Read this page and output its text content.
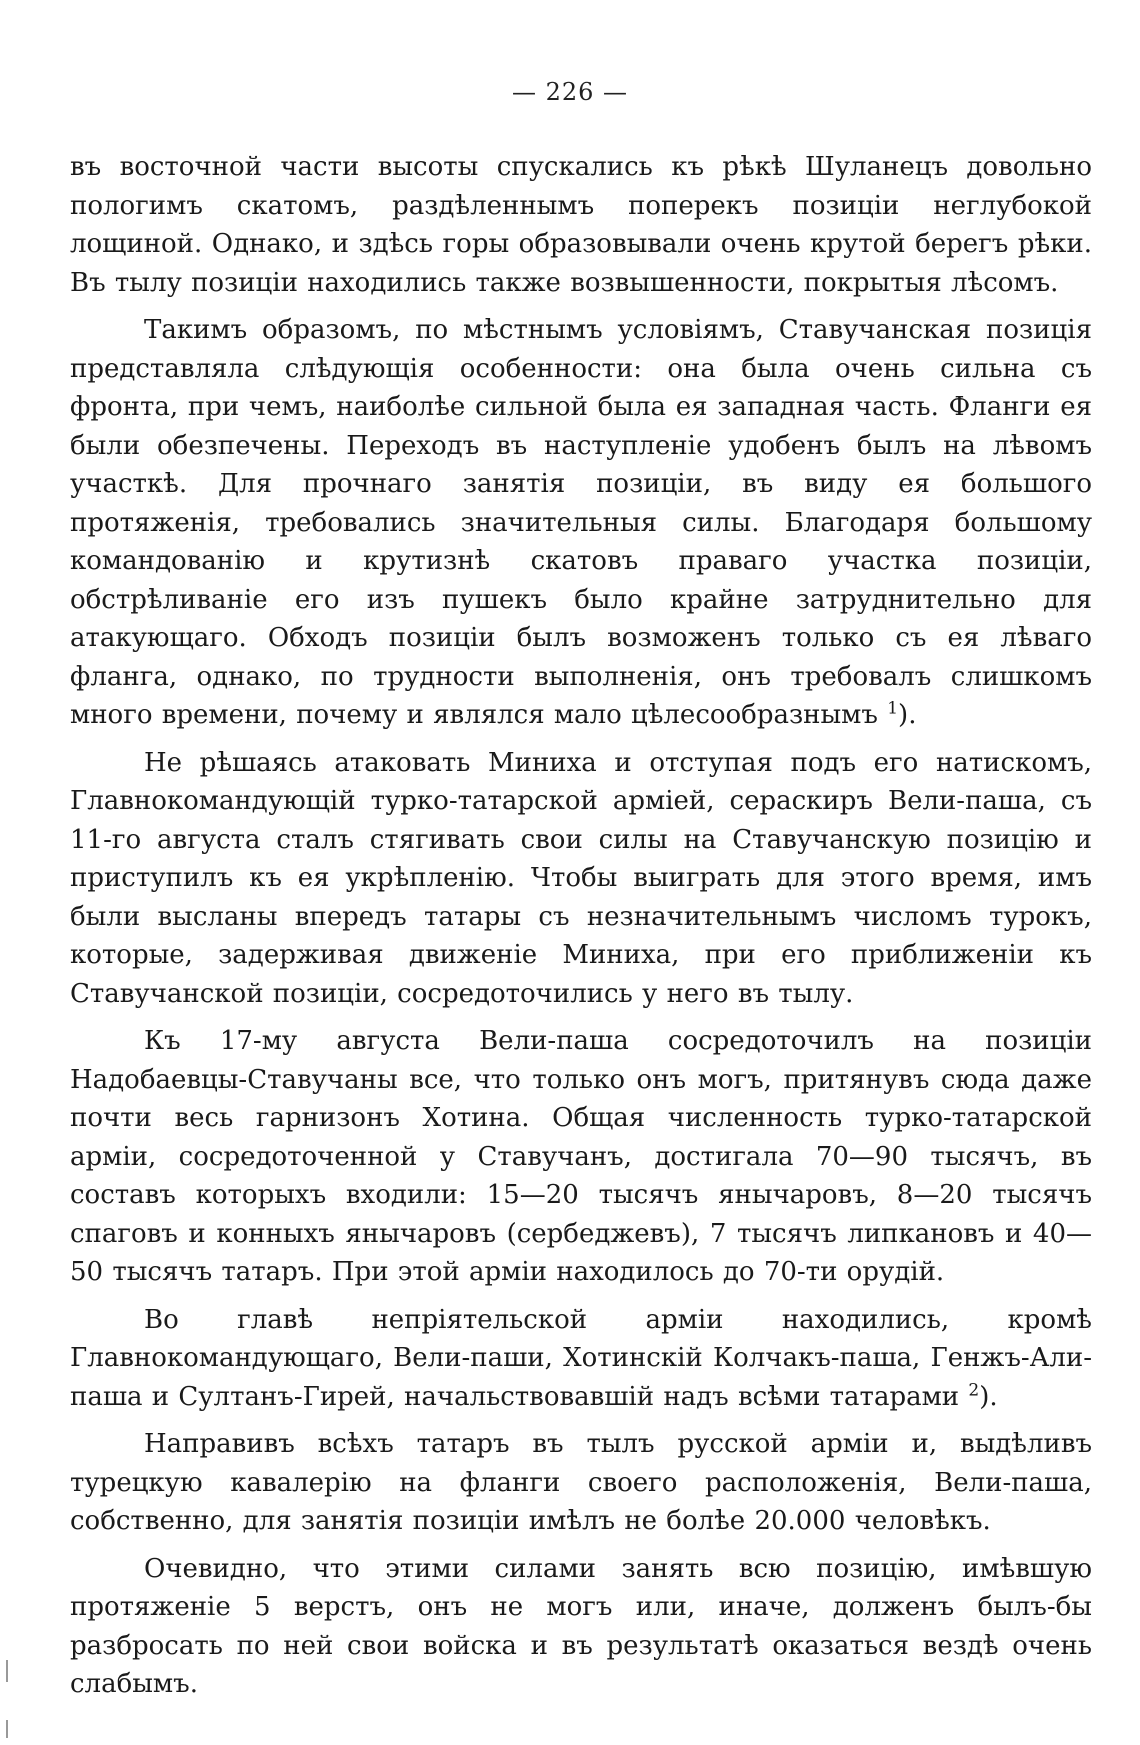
— 226 —

въ восточной части высоты спускались къ рѣкѣ Шуланецъ довольно пологимъ скатомъ, раздѣленнымъ поперекъ позиціи неглубокой лощиной. Однако, и здѣсь горы образовывали очень крутой берегъ рѣки. Въ тылу позиціи находились также возвышенности, покрытыя лѣсомъ.

Такимъ образомъ, по мѣстнымъ условіямъ, Ставучанская позиція представляла слѣдующія особенности: она была очень сильна съ фронта, при чемъ, наиболѣе сильной была ея западная часть. Фланги ея были обезпечены. Переходъ въ наступленіе удобенъ былъ на лѣвомъ участкѣ. Для прочнаго занятія позиціи, въ виду ея большого протяженія, требовались значительныя силы. Благодаря большому командованію и крутизнѣ скатовъ праваго участка позиціи, обстрѣливаніе его изъ пушекъ было крайне затруднительно для атакующаго. Обходъ позиціи былъ возможенъ только съ ея лѣваго фланга, однако, по трудности выполненія, онъ требовалъ слишкомъ много времени, почему и являлся мало цѣлесообразнымъ $^1$).

Не рѣшаясь атаковать Миниха и отступая подъ его натискомъ, Главнокомандующій турко-татарской арміей, сераскиръ Вели-паша, съ 11-го августа сталъ стягивать свои силы на Ставучанскую позицію и приступилъ къ ея укрѣпленію. Чтобы выиграть для этого время, имъ были высланы впередъ татары съ незначительнымъ числомъ турокъ, которые, задерживая движеніе Миниха, при его приближеніи къ Ставучанской позиціи, сосредоточились у него въ тылу.

Къ 17-му августа Вели-паша сосредоточилъ на позиціи Надобаевцы-Ставучаны все, что только онъ могъ, притянувъ сюда даже почти весь гарнизонъ Хотина. Общая численность турко-татарской арміи, сосредоточенной у Ставучанъ, достигала 70—90 тысячъ, въ составъ которыхъ входили: 15—20 тысячъ янычаровъ, 8—20 тысячъ спаговъ и конныхъ янычаровъ (сербеджевъ), 7 тысячъ липкановъ и 40—50 тысячъ татаръ. При этой арміи находилось до 70-ти орудій.

Во главѣ непріятельской арміи находились, кромѣ Главнокомандующаго, Вели-паши, Хотинскій Колчакъ-паша, Генжъ-Али-паша и Султанъ-Гирей, начальствовавшій надъ всѣми татарами $^2$).

Направивъ всѣхъ татаръ въ тылъ русской арміи и, выдѣливъ турецкую кавалерію на фланги своего расположенія, Вели-паша, собственно, для занятія позиціи имѣлъ не болѣе 20.000 человѣкъ.

Очевидно, что этими силами занять всю позицію, имѣвшую протяженіе 5 верстъ, онъ не могъ или, иначе, долженъ былъ-бы разбросать по ней свои войска и въ результатѣ оказаться вездѣ очень слабымъ.
